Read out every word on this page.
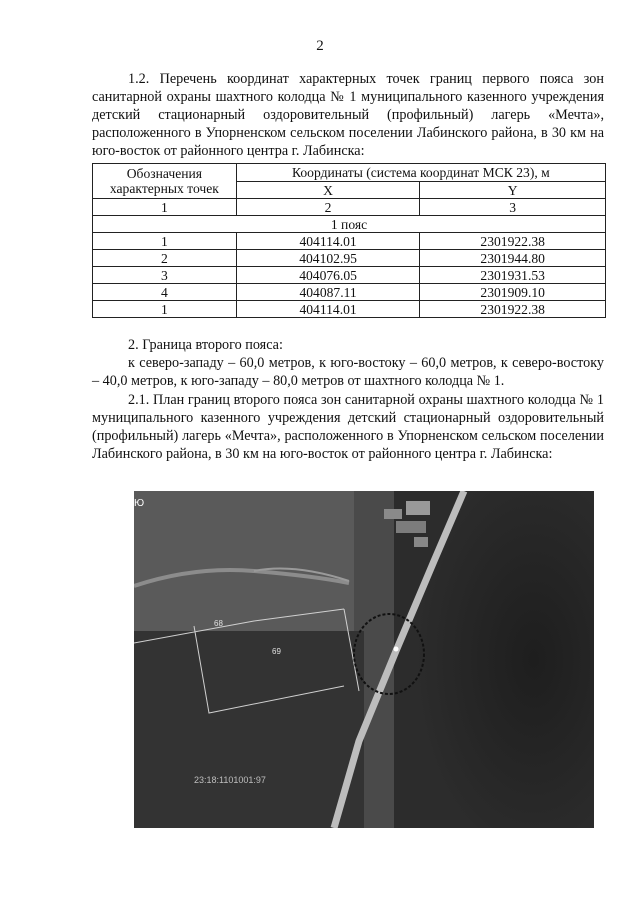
2
1.2. Перечень координат характерных точек границ первого пояса зон санитарной охраны шахтного колодца № 1 муниципального казенного учреждения детский стационарный оздоровительный (профильный) лагерь «Мечта», расположенного в Упорненском сельском поселении Лабинского района, в 30 км на юго-восток от районного центра г. Лабинска:
Обозначения характерных точек	Координаты (система координат МСК 23), м	
	X	Y
1	2	3
1 пояс		
1	404114.01	2301922.38
2	404102.95	2301944.80
3	404076.05	2301931.53
4	404087.11	2301909.10
1	404114.01	2301922.38
2. Граница второго пояса:
к северо-западу – 60,0 метров, к юго-востоку – 60,0 метров, к северо-востоку – 40,0 метров, к юго-западу – 80,0 метров от шахтного колодца № 1.
2.1. План границ второго пояса зон санитарной охраны шахтного колодца № 1 муниципального казенного учреждения детский стационарный оздоровительный (профильный) лагерь «Мечта», расположенного в Упорненском сельском поселении Лабинского района, в 30 км на юго-восток от районного центра г. Лабинска:
Ю
68
69
23:18:1101001:97
